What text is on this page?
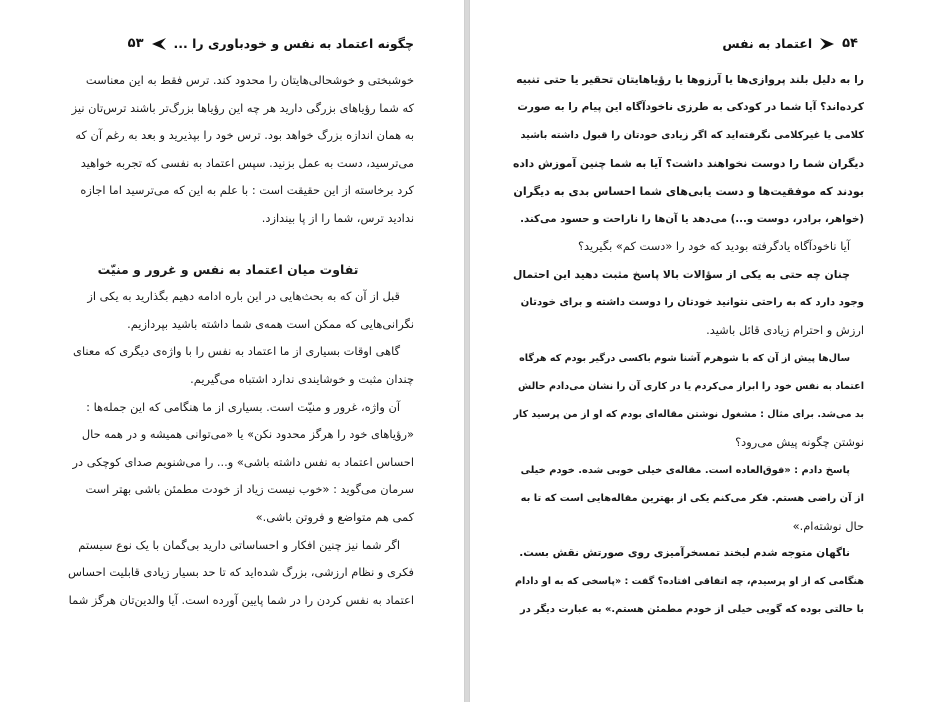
چگونه اعتماد به نفس و خودباوری را ...
۵۳
خوشبختی و خوشحالی‌هایتان را محدود کند. ترس فقط به این معناست
که شما رؤیاهای بزرگی دارید هر چه این رؤیاها بزرگ‌تر باشند ترس‌تان نیز
به همان اندازه بزرگ خواهد بود. ترس خود را بپذیرید و بعد به رغم آن که
می‌ترسید، دست به عمل بزنید. سپس اعتماد به نفسی که تجربه خواهید
کرد برخاسته از این حقیقت است : با علم به این که می‌ترسید اما اجازه
ندادید ترس، شما را از پا بیندازد.
تفاوت میان اعتماد به نفس و غرور و منیّت
قبل از آن که به بحث‌هایی در این باره ادامه دهیم بگذارید به یکی از
نگرانی‌هایی که ممکن است همه‌ی شما داشته باشید بپردازیم.
گاهی اوقات بسیاری از ما اعتماد به نفس را با واژه‌ی دیگری که معنای
چندان مثبت و خوشایندی ندارد اشتباه می‌گیریم.
آن واژه، غرور و منیّت است. بسیاری از ما هنگامی که این جمله‌ها :
«رؤیاهای خود را هرگز محدود نکن» یا «می‌توانی همیشه و در همه حال
احساس اعتماد به نفس داشته باشی» و... را می‌شنویم صدای کوچکی در
سرمان می‌گوید : «خوب نیست زیاد از خودت مطمئن باشی بهتر است
کمی هم متواضع و فروتن باشی.»
اگر شما نیز چنین افکار و احساساتی دارید بی‌گمان با یک نوع سیستم
فکری و نظام ارزشی، بزرگ شده‌اید که تا حد بسیار زیادی قابلیت احساس
اعتماد به نفس کردن را در شما پایین آورده است. آیا والدین‌تان هرگز شما
۵۴
اعتماد به نفس
را به دلیل بلند پروازی‌ها یا آرزوها یا رؤیاهایتان تحقیر یا حتی تنبیه
کرده‌اند؟ آیا شما در کودکی به طرزی ناخودآگاه این پیام را به صورت
کلامی یا غیرکلامی نگرفته‌اید که اگر زیادی خودتان را قبول داشته باشید
دیگران شما را دوست نخواهند داشت؟ آیا به شما چنین آموزش داده
بودند که موفقیت‌ها و دست یابی‌های شما احساس بدی به دیگران
(خواهر، برادر، دوست و...) می‌دهد یا آن‌ها را ناراحت و حسود می‌کند.
آیا ناخودآگاه یادگرفته بودید که خود را «دست کم» بگیرید؟
چنان چه حتی به یکی از سؤالات بالا پاسخ مثبت دهید این احتمال
وجود دارد که به راحتی نتوانید خودتان را دوست داشته و برای خودتان
ارزش و احترام زیادی قائل باشید.
سال‌ها پیش از آن که با شوهرم آشنا شوم باکسی درگیر بودم که هرگاه
اعتماد به نفس خود را ابراز می‌کردم یا در کاری آن را نشان می‌دادم حالش
بد می‌شد. برای مثال : مشغول نوشتن مقاله‌ای بودم که او از من پرسید کار
نوشتن چگونه پیش می‌رود؟
پاسخ دادم : «فوق‌العاده است. مقاله‌ی خیلی خوبی شده. خودم خیلی
از آن راضی هستم. فکر می‌کنم یکی از بهترین مقاله‌هایی است که تا به
حال نوشته‌ام.»
ناگهان متوجه شدم لبخند تمسخرآمیزی روی صورتش نقش بست.
هنگامی که از او پرسیدم، چه اتفاقی افتاده؟ گفت : «پاسخی که به او دادام
با حالتی بوده که گویی خیلی از خودم مطمئن هستم.» به عبارت دیگر در
